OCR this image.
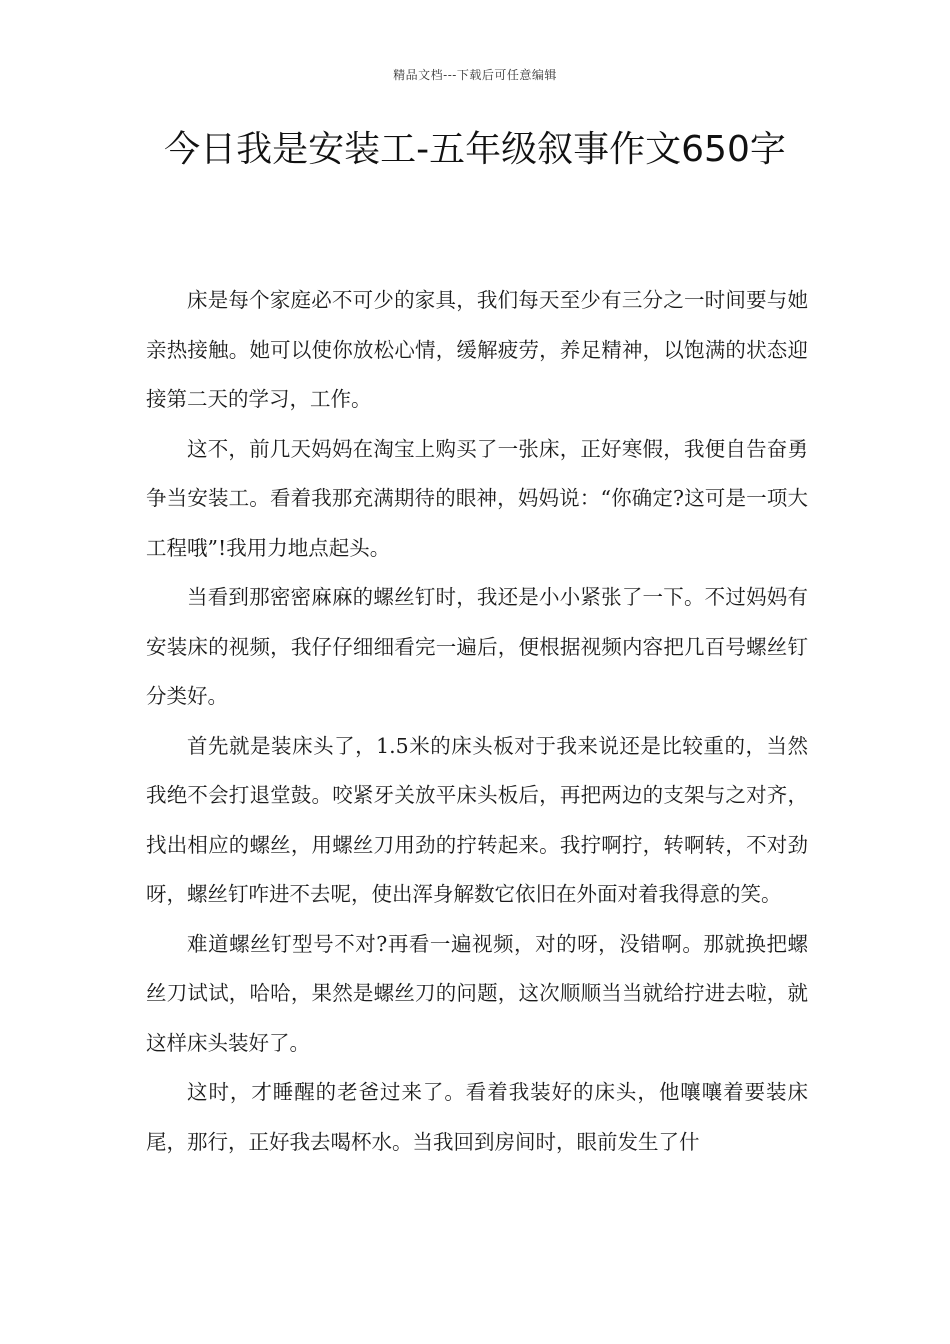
精品文档---下载后可任意编辑
今日我是安装工-五年级叙事作文650字

床是每个家庭必不可少的家具，我们每天至少有三分之一时间要与她亲热接触。她可以使你放松心情，缓解疲劳，养足精神，以饱满的状态迎接第二天的学习，工作。

这不，前几天妈妈在淘宝上购买了一张床，正好寒假，我便自告奋勇争当安装工。看着我那充满期待的眼神，妈妈说：“你确定?这可是一项大工程哦”!我用力地点起头。

当看到那密密麻麻的螺丝钉时，我还是小小紧张了一下。不过妈妈有安装床的视频，我仔仔细细看完一遍后，便根据视频内容把几百号螺丝钉分类好。

首先就是装床头了，1.5米的床头板对于我来说还是比较重的，当然我绝不会打退堂鼓。咬紧牙关放平床头板后，再把两边的支架与之对齐，找出相应的螺丝，用螺丝刀用劲的拧转起来。我拧啊拧，转啊转，不对劲呀，螺丝钉咋进不去呢，使出浑身解数它依旧在外面对着我得意的笑。

难道螺丝钉型号不对?再看一遍视频，对的呀，没错啊。那就换把螺丝刀试试，哈哈，果然是螺丝刀的问题，这次顺顺当当就给拧进去啦，就这样床头装好了。

这时，才睡醒的老爸过来了。看着我装好的床头，他嚷嚷着要装床尾，那行，正好我去喝杯水。当我回到房间时，眼前发生了什
